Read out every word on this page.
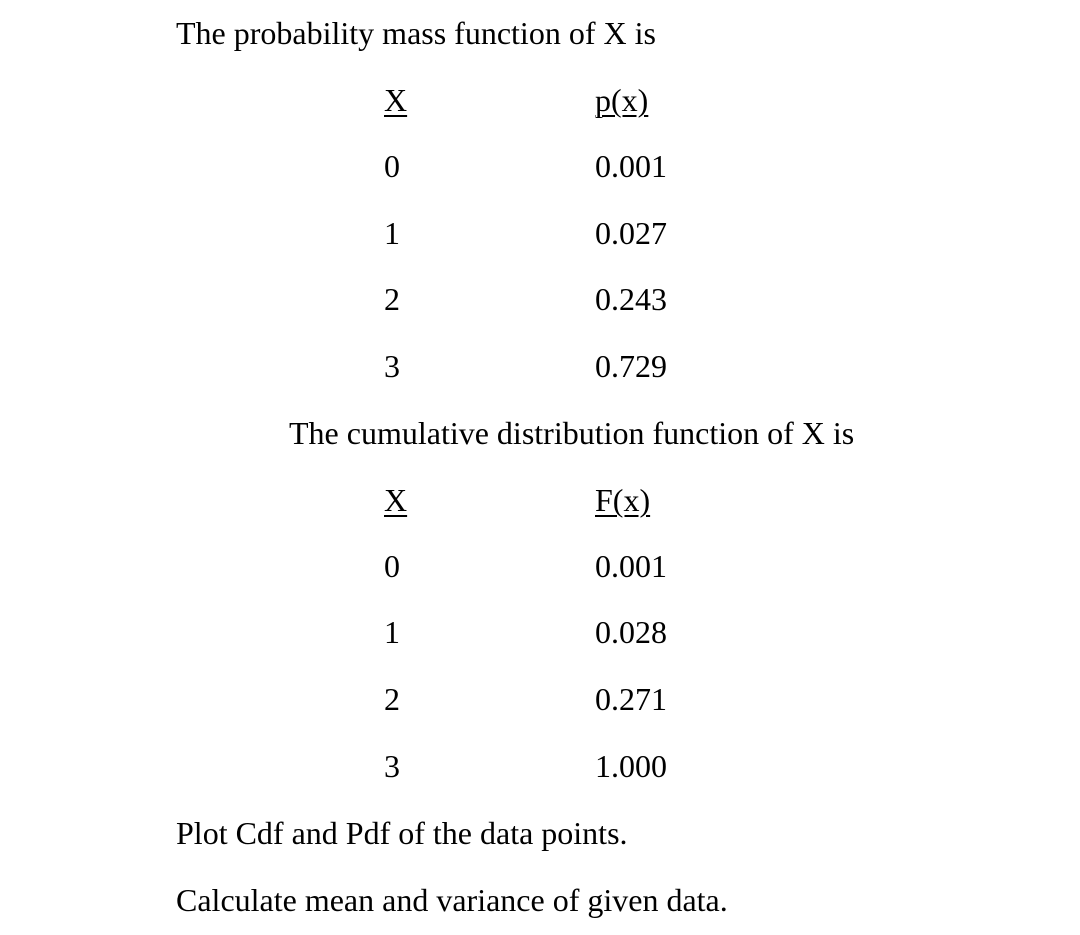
The probability mass function of X is
X	p(x)
0	0.001
1	0.027
2	0.243
3	0.729
The cumulative distribution function of X is
X	F(x)
0	0.001
1	0.028
2	0.271
3	1.000
Plot Cdf and Pdf of the data points.
Calculate mean and variance of given data.
